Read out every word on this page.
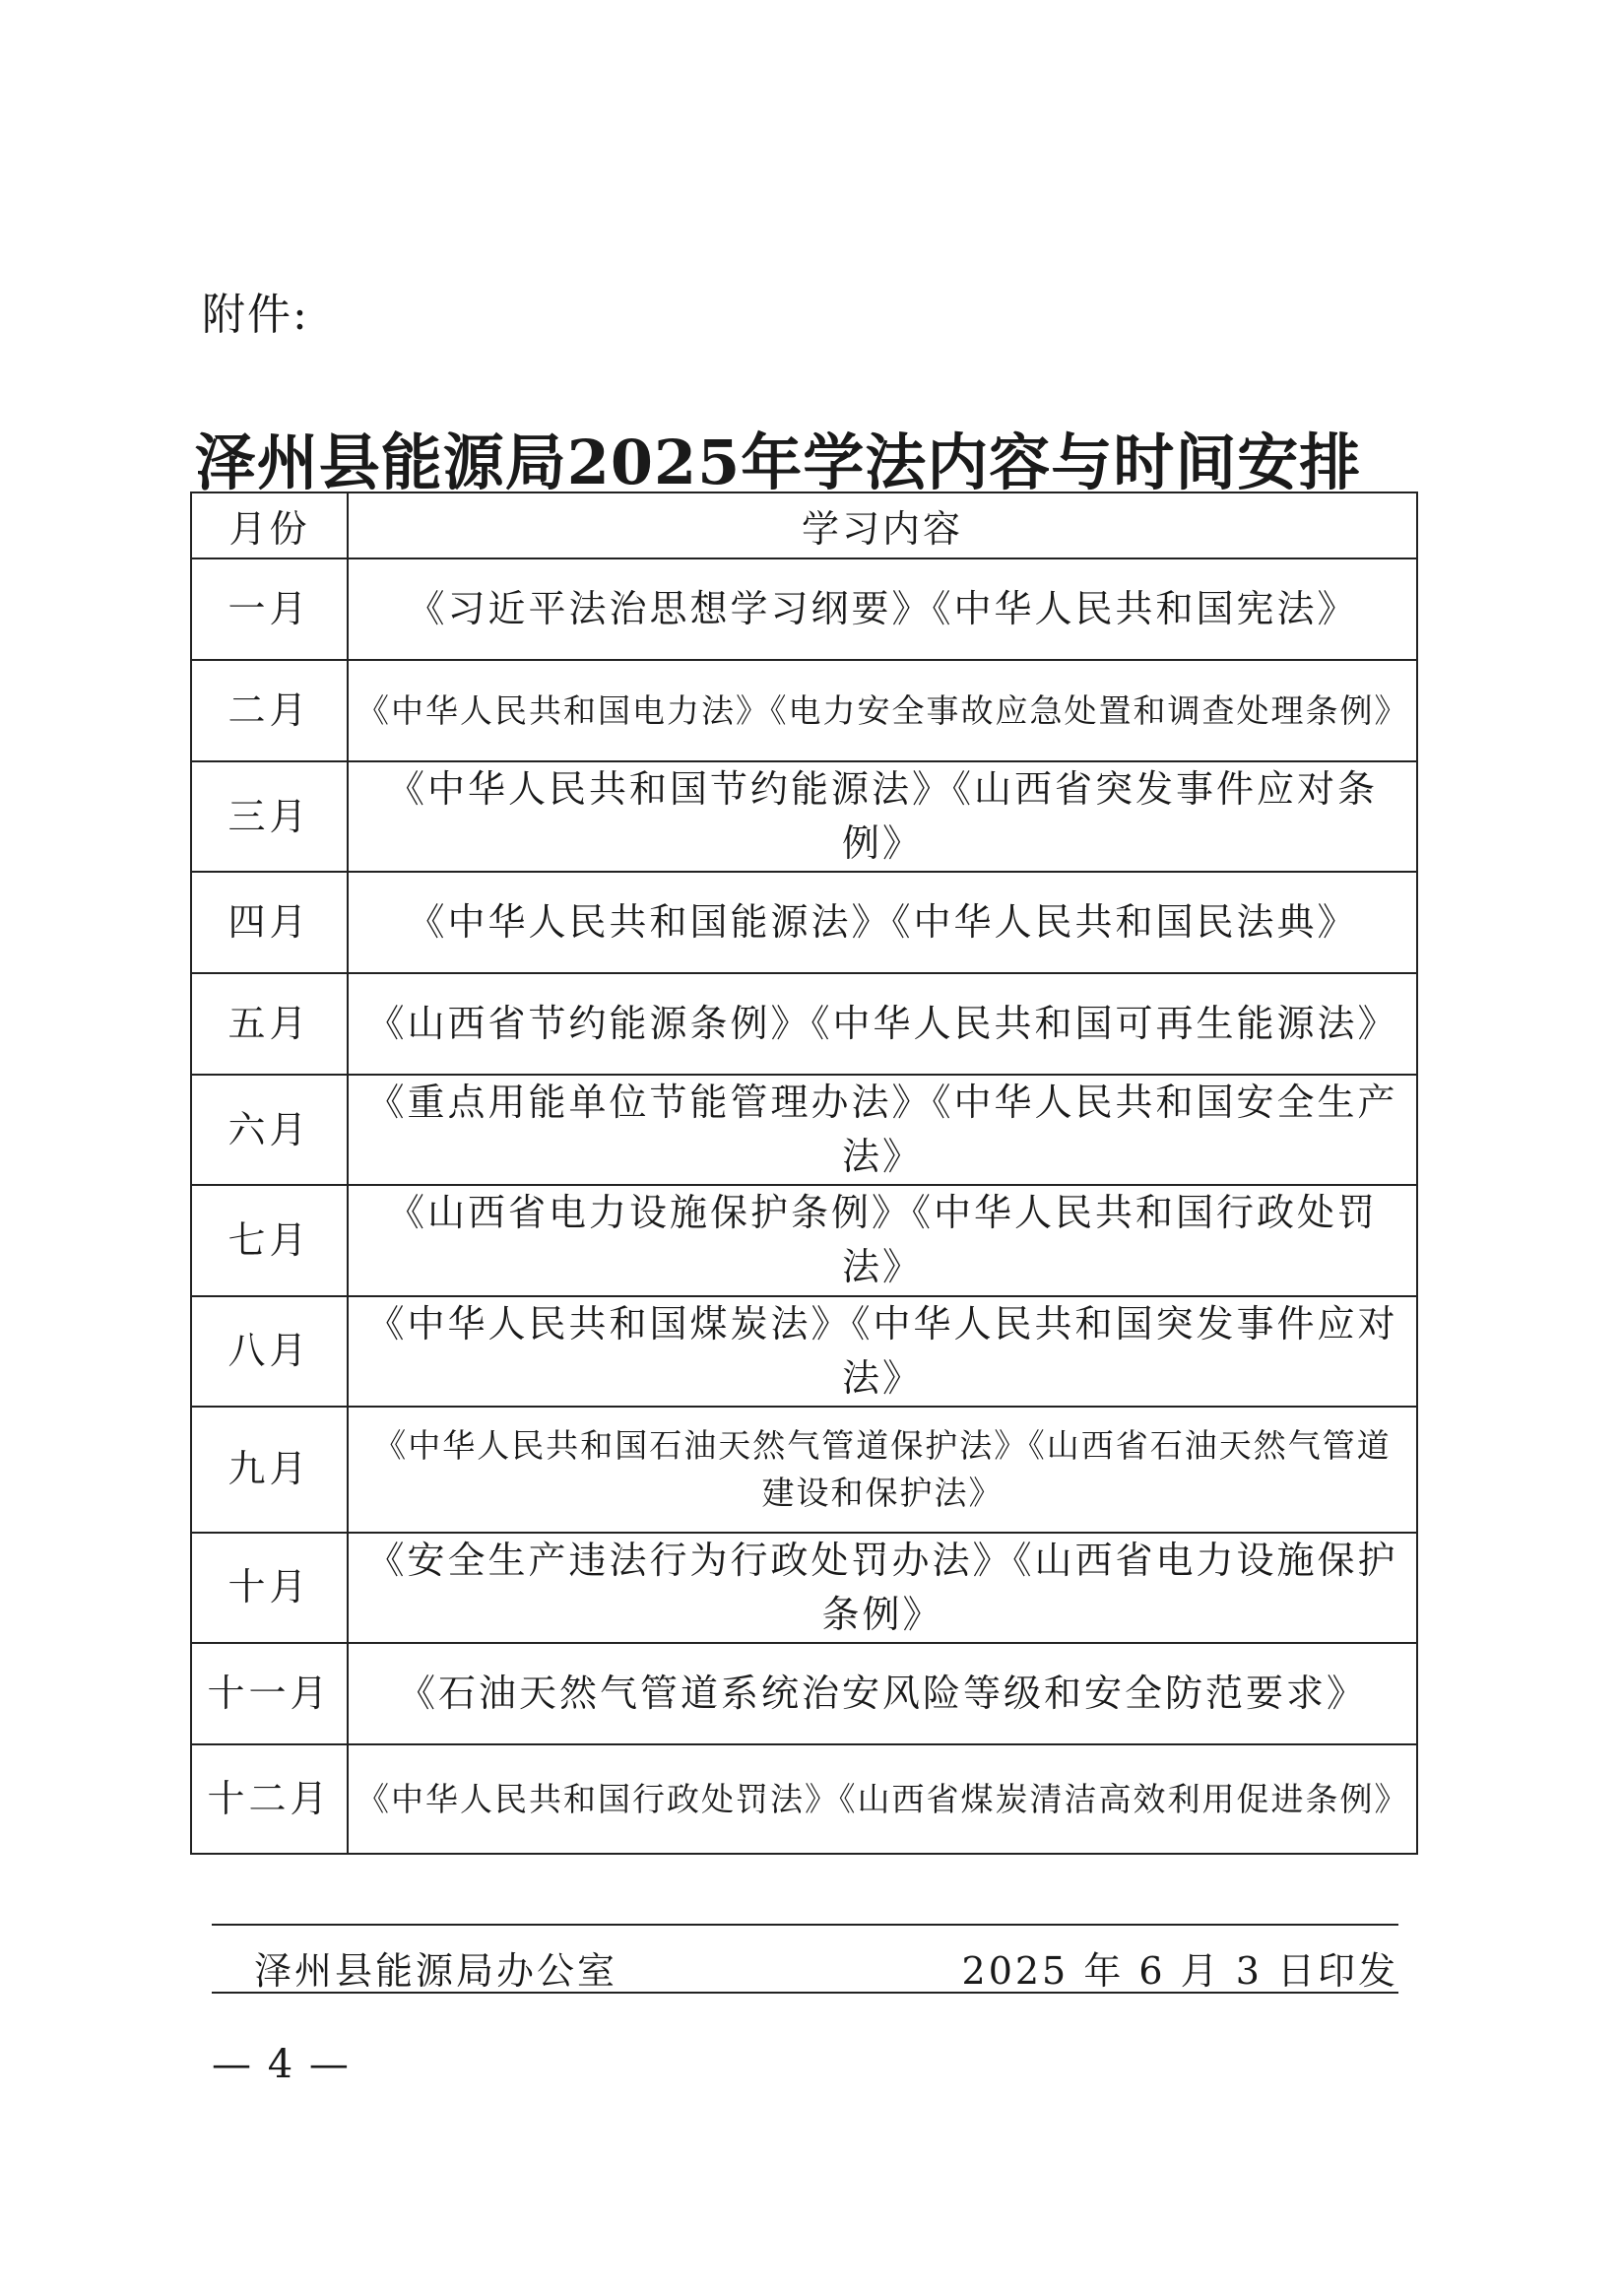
附件:
泽州县能源局2025年学法内容与时间安排
月份	学习内容
一月	《习近平法治思想学习纲要》《中华人民共和国宪法》
二月	《中华人民共和国电力法》《电力安全事故应急处置和调查处理条例》
三月	《中华人民共和国节约能源法》《山西省突发事件应对条例》
四月	《中华人民共和国能源法》《中华人民共和国民法典》
五月	《山西省节约能源条例》《中华人民共和国可再生能源法》
六月	《重点用能单位节能管理办法》《中华人民共和国安全生产法》
七月	《山西省电力设施保护条例》《中华人民共和国行政处罚法》
八月	《中华人民共和国煤炭法》《中华人民共和国突发事件应对法》
九月	《中华人民共和国石油天然气管道保护法》《山西省石油天然气管道建设和保护法》
十月	《安全生产违法行为行政处罚办法》《山西省电力设施保护条例》
十一月	《石油天然气管道系统治安风险等级和安全防范要求》
十二月	《中华人民共和国行政处罚法》《山西省煤炭清洁高效利用促进条例》
泽州县能源局办公室	2025 年 6 月 3 日印发
— 4 —
